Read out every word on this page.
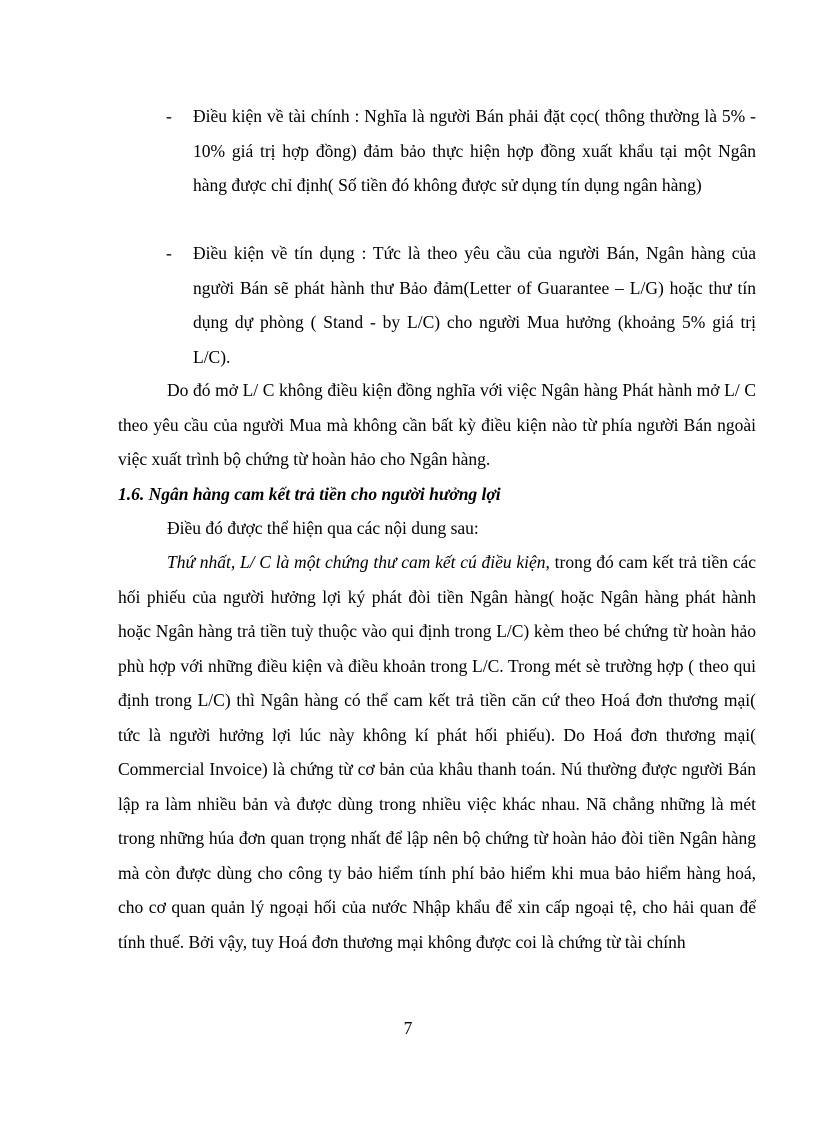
- Điều kiện về tài chính : Nghĩa là người Bán phải đặt cọc( thông thường là 5% - 10% giá trị hợp đồng) đảm bảo thực hiện hợp đồng xuất khẩu tại một Ngân hàng được chỉ định( Số tiền đó không được sử dụng tín dụng ngân hàng)
- Điều kiện về tín dụng : Tức là theo yêu cầu của người Bán, Ngân hàng của người Bán sẽ phát hành thư Bảo đảm(Letter of Guarantee – L/G) hoặc thư tín dụng dự phòng ( Stand - by L/C) cho người Mua hưởng (khoảng 5% giá trị L/C).

Do đó mở L/ C không điều kiện đồng nghĩa với việc Ngân hàng Phát hành mở L/ C theo yêu cầu của người Mua mà không cần bất kỳ điều kiện nào từ phía người Bán ngoài việc xuất trình bộ chứng từ hoàn hảo cho Ngân hàng.

1.6. Ngân hàng cam kết trả tiền cho người hưởng lợi

Điều đó được thể hiện qua các nội dung sau:

Thứ nhất, L/ C là một chứng thư cam kết cú điều kiện, trong đó cam kết trả tiền các hối phiếu của người hưởng lợi ký phát đòi tiền Ngân hàng( hoặc Ngân hàng phát hành hoặc Ngân hàng trả tiền tuỳ thuộc vào qui định trong L/C) kèm theo bé chứng từ hoàn hảo phù hợp với những điều kiện và điều khoản trong L/C. Trong mét sè trường hợp ( theo qui định trong L/C) thì Ngân hàng có thể cam kết trả tiền căn cứ theo Hoá đơn thương mại( tức là người hưởng lợi lúc này không kí phát hối phiếu). Do Hoá đơn thương mại( Commercial Invoice) là chứng từ cơ bản của khâu thanh toán. Nú thường được người Bán lập ra làm nhiều bản và được dùng trong nhiều việc khác nhau. Nã chẳng những là mét trong những húa đơn quan trọng nhất để lập nên bộ chứng từ hoàn hảo đòi tiền Ngân hàng mà còn được dùng cho công ty bảo hiểm tính phí bảo hiểm khi mua bảo hiểm hàng hoá, cho cơ quan quản lý ngoại hối của nước Nhập khẩu để xin cấp ngoại tệ, cho hải quan để tính thuế. Bởi vậy, tuy Hoá đơn thương mại không được coi là chứng từ tài chính

7
